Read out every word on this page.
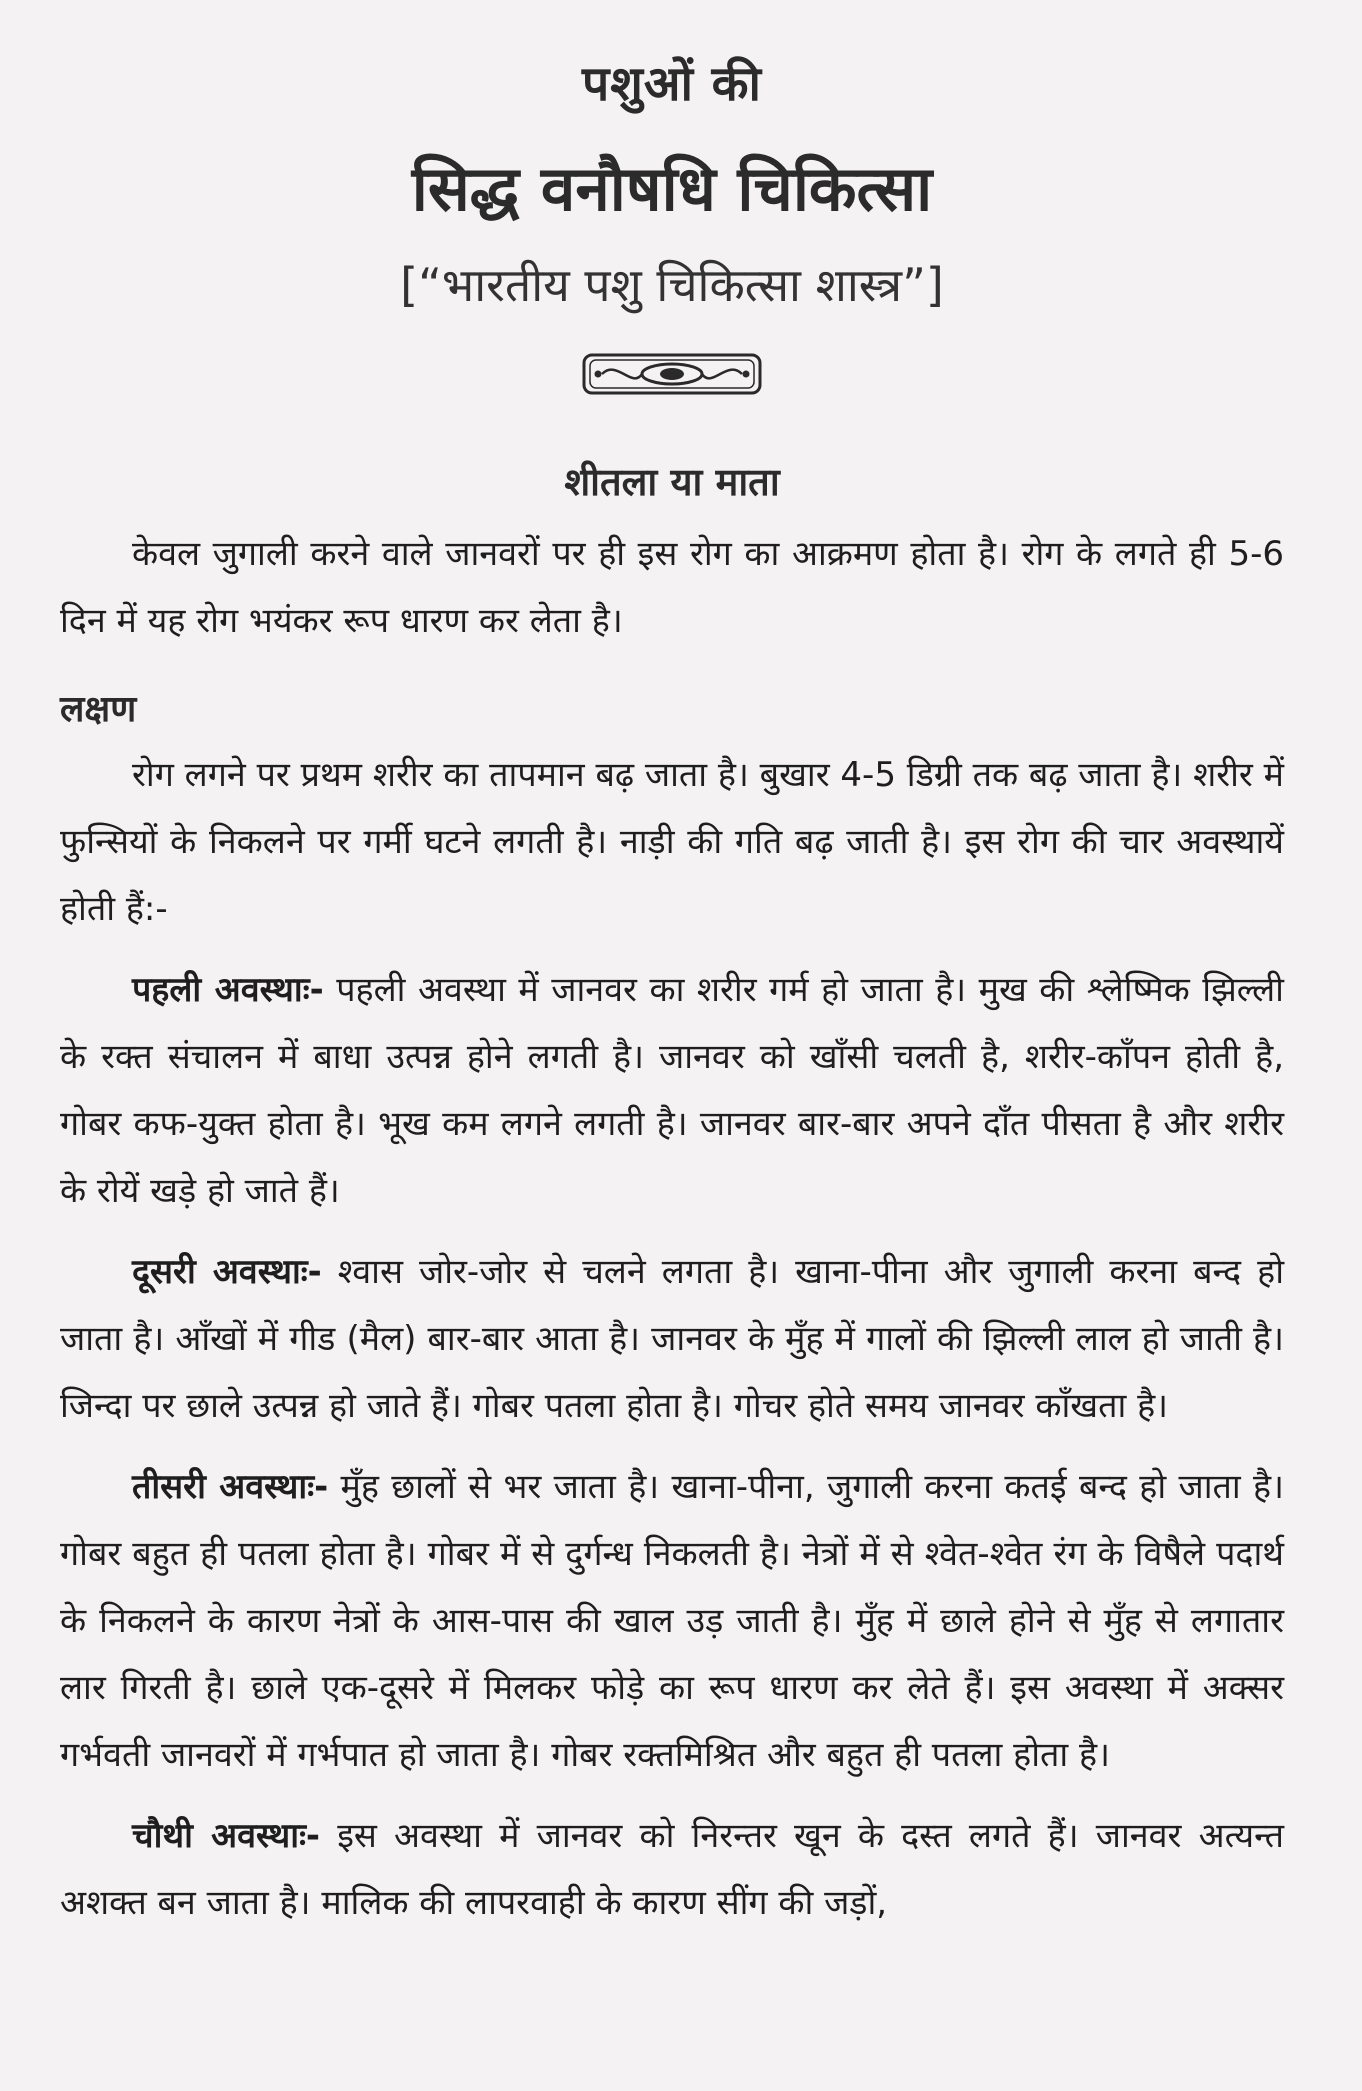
पशुओं की
सिद्ध वनौषधि चिकित्सा
[“भारतीय पशु चिकित्सा शास्त्र”]
शीतला या माता

केवल जुगाली करने वाले जानवरों पर ही इस रोग का आक्रमण होता है। रोग के लगते ही 5-6 दिन में यह रोग भयंकर रूप धारण कर लेता है।

लक्षण

रोग लगने पर प्रथम शरीर का तापमान बढ़ जाता है। बुखार 4-5 डिग्री तक बढ़ जाता है। शरीर में फुन्सियों के निकलने पर गर्मी घटने लगती है। नाड़ी की गति बढ़ जाती है। इस रोग की चार अवस्थायें होती हैं:-

पहली अवस्थाः- पहली अवस्था में जानवर का शरीर गर्म हो जाता है। मुख की श्लेष्मिक झिल्ली के रक्त संचालन में बाधा उत्पन्न होने लगती है। जानवर को खाँसी चलती है, शरीर-काँपन होती है, गोबर कफ-युक्त होता है। भूख कम लगने लगती है। जानवर बार-बार अपने दाँत पीसता है और शरीर के रोयें खड़े हो जाते हैं।

दूसरी अवस्थाः- श्वास जोर-जोर से चलने लगता है। खाना-पीना और जुगाली करना बन्द हो जाता है। आँखों में गीड (मैल) बार-बार आता है। जानवर के मुँह में गालों की झिल्ली लाल हो जाती है। जिन्दा पर छाले उत्पन्न हो जाते हैं। गोबर पतला होता है। गोचर होते समय जानवर काँखता है।

तीसरी अवस्थाः- मुँह छालों से भर जाता है। खाना-पीना, जुगाली करना कतई बन्द हो जाता है। गोबर बहुत ही पतला होता है। गोबर में से दुर्गन्ध निकलती है। नेत्रों में से श्वेत-श्वेत रंग के विषैले पदार्थ के निकलने के कारण नेत्रों के आस-पास की खाल उड़ जाती है। मुँह में छाले होने से मुँह से लगातार लार गिरती है। छाले एक-दूसरे में मिलकर फोड़े का रूप धारण कर लेते हैं। इस अवस्था में अक्सर गर्भवती जानवरों में गर्भपात हो जाता है। गोबर रक्तमिश्रित और बहुत ही पतला होता है।

चौथी अवस्थाः- इस अवस्था में जानवर को निरन्तर खून के दस्त लगते हैं। जानवर अत्यन्त अशक्त बन जाता है। मालिक की लापरवाही के कारण सींग की जड़ों,
